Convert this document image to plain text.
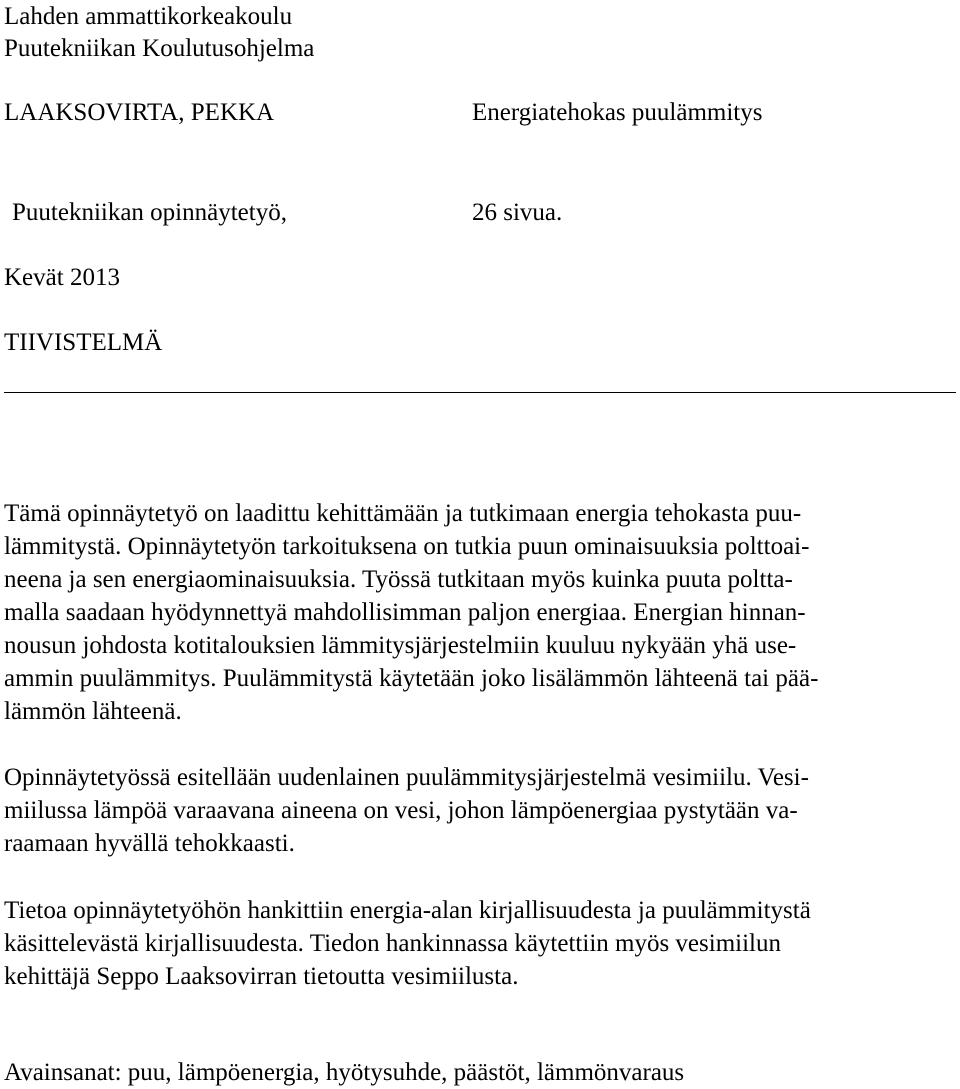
Lahden ammattikorkeakoulu
Puutekniikan Koulutusohjelma
LAAKSOVIRTA, PEKKA	Energiatehokas puulämmitys
Puutekniikan opinnäytetyö,	26 sivua.
Kevät 2013
TIIVISTELMÄ
Tämä opinnäytetyö on laadittu kehittämään ja tutkimaan energia tehokasta puu-
lämmitystä. Opinnäytetyön tarkoituksena on tutkia puun ominaisuuksia polttoai-
neena ja sen energiaominaisuuksia. Työssä tutkitaan myös kuinka puuta poltta-
malla saadaan hyödynnettyä mahdollisimman paljon energiaa. Energian hinnan-
nousun johdosta kotitalouksien lämmitysjärjestelmiin kuuluu nykyään yhä use-
ammin puulämmitys. Puulämmitystä käytetään joko lisälämmön lähteenä tai pää-
lämmön lähteenä.
Opinnäytetyössä esitellään uudenlainen puulämmitysjärjestelmä vesimiilu. Vesi-
miilussa lämpöä varaavana aineena on vesi, johon lämpöenergiaa pystytään va-
raamaan hyvällä tehokkaasti.
Tietoa opinnäytetyöhön hankittiin energia-alan kirjallisuudesta ja puulämmitystä
käsittelevästä kirjallisuudesta. Tiedon hankinnassa käytettiin myös vesimiilun
kehittäjä Seppo Laaksovirran tietoutta vesimiilusta.
Avainsanat: puu, lämpöenergia, hyötysuhde, päästöt, lämmönvaraus
